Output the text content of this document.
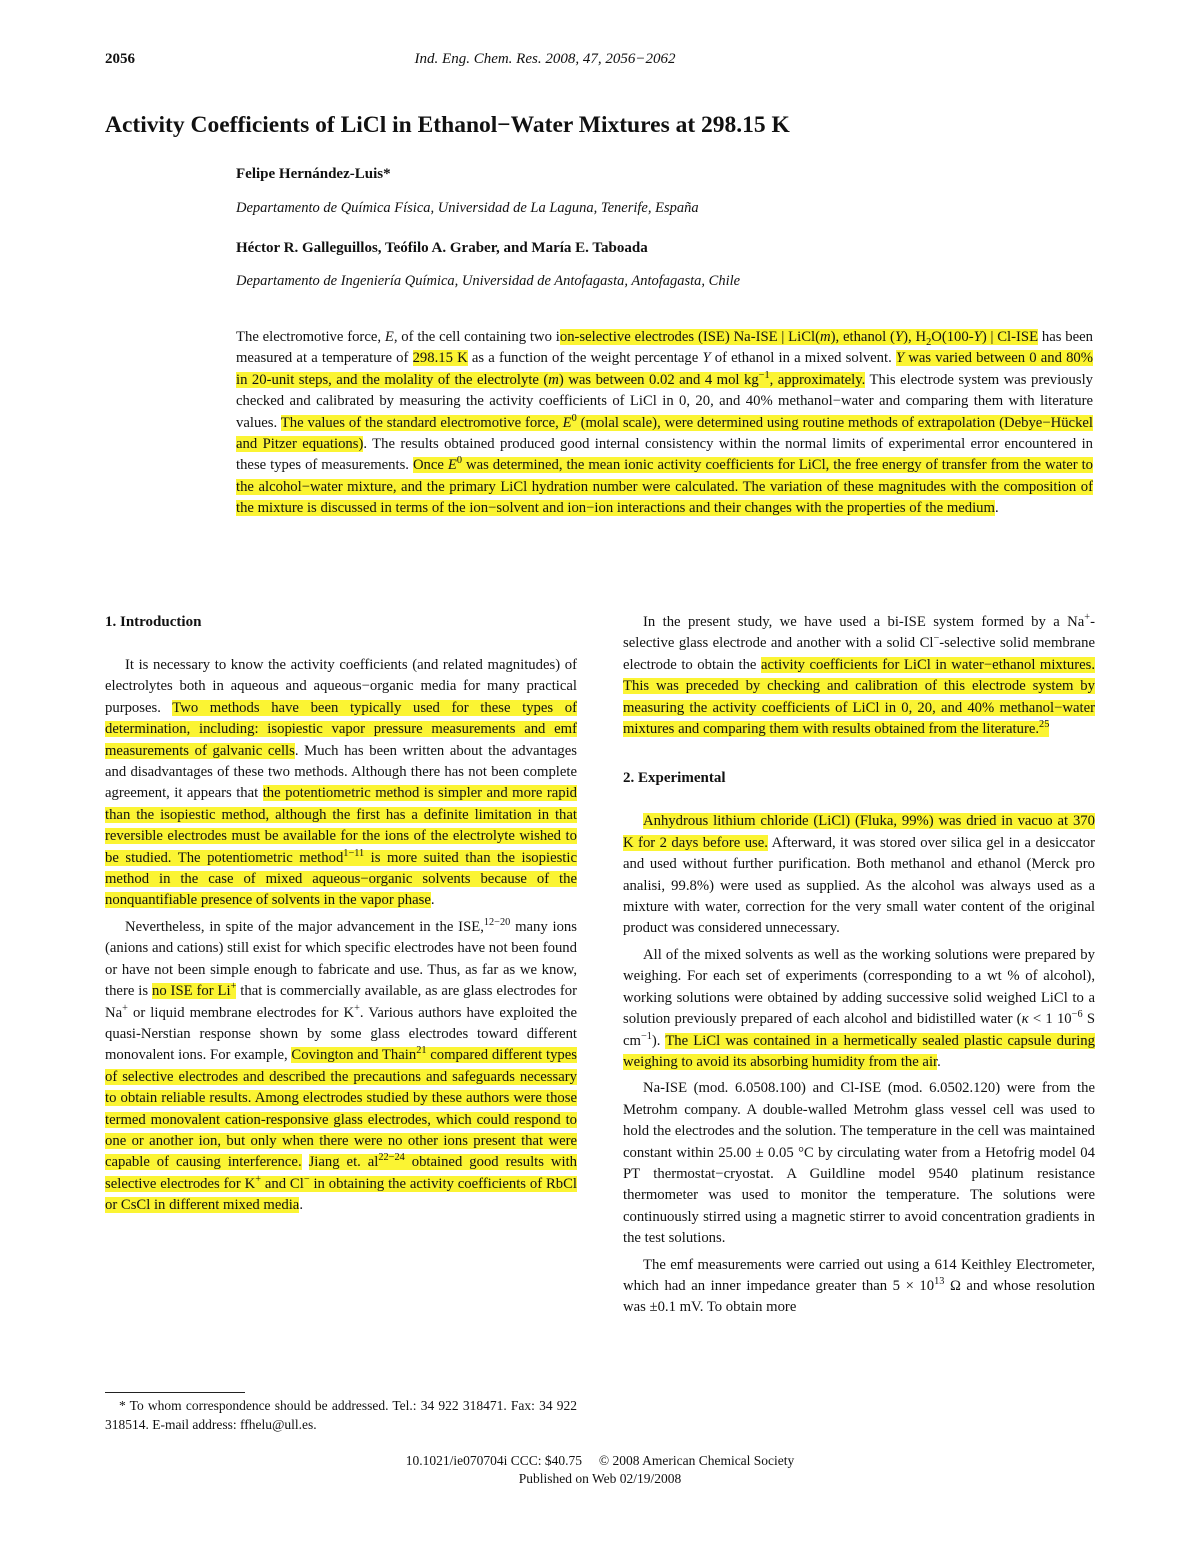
2056	Ind. Eng. Chem. Res. 2008, 47, 2056−2062
Activity Coefficients of LiCl in Ethanol−Water Mixtures at 298.15 K
Felipe Hernández-Luis*
Departamento de Química Física, Universidad de La Laguna, Tenerife, España
Héctor R. Galleguillos, Teófilo A. Graber, and María E. Taboada
Departamento de Ingeniería Química, Universidad de Antofagasta, Antofagasta, Chile

The electromotive force, E, of the cell containing two ion-selective electrodes (ISE) Na-ISE | LiCl(m), ethanol (Y), $H_2O(100-Y)$ | Cl-ISE has been measured at a temperature of 298.15 K as a function of the weight percentage Y of ethanol in a mixed solvent. Y was varied between 0 and 80% in 20-unit steps, and the molality of the electrolyte (m) was between 0.02 and 4 mol $kg^{-1}$, approximately. This electrode system was previously checked and calibrated by measuring the activity coefficients of LiCl in 0, 20, and 40% methanol−water and comparing them with literature values. The values of the standard electromotive force, $E^0$ (molal scale), were determined using routine methods of extrapolation (Debye−Hückel and Pitzer equations). The results obtained produced good internal consistency within the normal limits of experimental error encountered in these types of measurements. Once $E^0$ was determined, the mean ionic activity coefficients for LiCl, the free energy of transfer from the water to the alcohol−water mixture, and the primary LiCl hydration number were calculated. The variation of these magnitudes with the composition of the mixture is discussed in terms of the ion−solvent and ion−ion interactions and their changes with the properties of the medium.

1. Introduction

It is necessary to know the activity coefficients (and related magnitudes) of electrolytes both in aqueous and aqueous−organic media for many practical purposes. Two methods have been typically used for these types of determination, including: isopiestic vapor pressure measurements and emf measurements of galvanic cells. Much has been written about the advantages and disadvantages of these two methods. Although there has not been complete agreement, it appears that the potentiometric method is simpler and more rapid than the isopiestic method, although the first has a definite limitation in that reversible electrodes must be available for the ions of the electrolyte wished to be studied. The potentiometric method$^{1-11}$ is more suited than the isopiestic method in the case of mixed aqueous−organic solvents because of the nonquantifiable presence of solvents in the vapor phase.

Nevertheless, in spite of the major advancement in the ISE,$^{12-20}$ many ions (anions and cations) still exist for which specific electrodes have not been found or have not been simple enough to fabricate and use. Thus, as far as we know, there is no ISE for Li+ that is commercially available, as are glass electrodes for Na+ or liquid membrane electrodes for K+. Various authors have exploited the quasi-Nerstian response shown by some glass electrodes toward different monovalent ions. For example, Covington and Thain$^{21}$ compared different types of selective electrodes and described the precautions and safeguards necessary to obtain reliable results. Among electrodes studied by these authors were those termed monovalent cation-responsive glass electrodes, which could respond to one or another ion, but only when there were no other ions present that were capable of causing interference. Jiang et. $al^{22-24}$ obtained good results with selective electrodes for K+ and Cl− in obtaining the activity coefficients of RbCl or CsCl in different mixed media.

* To whom correspondence should be addressed. Tel.: 34 922 318471. Fax: 34 922 318514. E-mail address: ffhelu@ull.es.

In the present study, we have used a bi-ISE system formed by a Na+-selective glass electrode and another with a solid Cl−-selective solid membrane electrode to obtain the activity coefficients for LiCl in water−ethanol mixtures. This was preceded by checking and calibration of this electrode system by measuring the activity coefficients of LiCl in 0, 20, and 40% methanol−water mixtures and comparing them with results obtained from the literature.$^{25}$

2. Experimental

Anhydrous lithium chloride (LiCl) (Fluka, 99%) was dried in vacuo at 370 K for 2 days before use. Afterward, it was stored over silica gel in a desiccator and used without further purification. Both methanol and ethanol (Merck pro analisi, 99.8%) were used as supplied. As the alcohol was always used as a mixture with water, correction for the very small water content of the original product was considered unnecessary.

All of the mixed solvents as well as the working solutions were prepared by weighing. For each set of experiments (corresponding to a wt % of alcohol), working solutions were obtained by adding successive solid weighed LiCl to a solution previously prepared of each alcohol and bidistilled water (κ < 1 $10^{-6}$ S $cm^{-1}$). The LiCl was contained in a hermetically sealed plastic capsule during weighing to avoid its absorbing humidity from the air.

Na-ISE (mod. 6.0508.100) and Cl-ISE (mod. 6.0502.120) were from the Metrohm company. A double-walled Metrohm glass vessel cell was used to hold the electrodes and the solution. The temperature in the cell was maintained constant within 25.00 ± 0.05 °C by circulating water from a Hetofrig model 04 PT thermostat−cryostat. A Guildline model 9540 platinum resistance thermometer was used to monitor the temperature. The solutions were continuously stirred using a magnetic stirrer to avoid concentration gradients in the test solutions.

The emf measurements were carried out using a 614 Keithley Electrometer, which had an inner impedance greater than $5 \times 10^{13}$ Ω and whose resolution was ±0.1 mV. To obtain more

10.1021/ie070704i CCC: $40.75     © 2008 American Chemical Society
Published on Web 02/19/2008
